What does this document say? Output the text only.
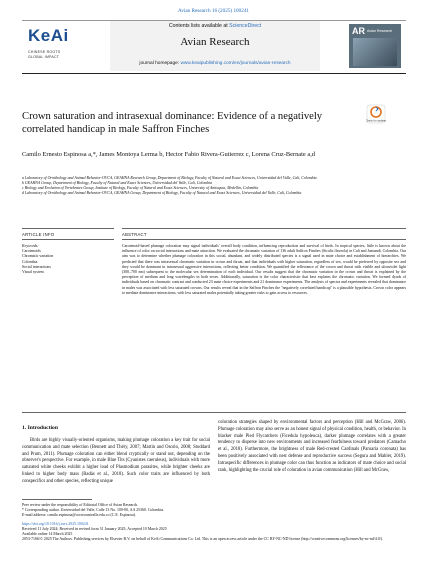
Avian Research 16 (2025) 100241
KeAi
CHINESE ROOTS
GLOBAL IMPACT
Contents lists available at ScienceDirect
Avian Research
journal homepage: www.keaipublishing.com/en/journals/avian-research
AR Avian Research
Check for updates
Crown saturation and intrasexual dominance: Evidence of a negatively correlated handicap in male Saffron Finches
Camilo Ernesto Espinosa a,*, James Montoya Lerma b, Hector Fabio Rivera-Gutierrez c, Lorena Cruz-Bernate a,d
a Laboratory of Ornithology and Animal Behavior-OVCA, GEAHNA Research Group, Department of Biology, Faculty of Natural and Exact Sciences, Universidad del Valle, Cali, Colombia
b GEAHNA Group, Department of Biology, Faculty of Natural and Exact Sciences, Universidad del Valle, Cali, Colombia
c Biology and Evolution of Vertebrates Group, Institute of Biology, Faculty of Natural and Exact Sciences, University of Antioquia, Medellín, Colombia
d Laboratory of Ornithology and Animal Behavior-OVCA, GEAHNA Group, Department of Biology, Faculty of Natural and Exact Sciences, Universidad del Valle, Cali, Colombia
ARTICLE INFO	ABSTRACT
Keywords:
Carotenoids
Chromatic variation
Colombia
Social interactions
Visual system
Carotenoid-based plumage coloration may signal individuals' overall body condition, influencing reproduction and survival of birds. In tropical species, little is known about the influence of color on social interactions and mate attraction. We evaluated the chromatic variation of 136 adult Saffron Finches (Sicalis flaveola) in Cali and Jamundí, Colombia. Our aim was to determine whether plumage coloration in this social, abundant, and widely distributed species is a signal used in mate choice and establishment of hierarchies. We predicted that there was intrasexual chromatic variation in crown and throat, and that individuals with higher saturation, regardless of sex, would be preferred by opposite sex and they would be dominant in intrasexual aggressive interactions, reflecting better condition. We quantified the reflectance of the crown and throat with visible and ultraviolet light (300–700 nm) subsequent to the molecular sex determination of each individual. Our results suggest that the chromatic variation in the crown and throat is explained by the perception of medium and long wavelengths in both sexes. Additionally, saturation is the color characteristic that best explains the chromatic variation. We formed dyads of individuals based on chromatic contrast and conducted 23 mate choice experiments and 21 dominance experiments. The analysis of spectra and experiments revealed that dominance in males was associated with less saturated crowns. Our results reveal that in the Saffron Finches the "negatively correlated handicap" is a plausible hypothesis. Crown color appears to mediate dominance interactions, with less saturated males potentially taking greater risks to gain access to resources.
1. Introduction
Birds are highly visually-oriented organisms, making plumage coloration a key trait for social communication and mate selection (Bennett and Théry, 2007; Martin and Osorio, 2008; Stoddard and Prum, 2011). Plumage coloration can either blend cryptically or stand out, depending on the observer's perspective. For example, in male Blue Tits (Cyanistes caeruleus), individuals with more saturated white cheeks exhibit a higher load of Plasmodium parasites, while brighter cheeks are linked to higher body mass (Badás et al., 2018). Such color traits are influenced by both conspecifics and other species, reflecting unique
coloration strategies shaped by environmental factors and perception (Hill and McGraw, 2006). Plumage coloration may also serve as an honest signal of physical condition, health, or behavior. In blacker male Pied Flycatchers (Ficedula hypoleuca), darker plumage correlates with a greater tendency to disperse into new environments and increased fearfulness toward predators (Camacho et al., 2018). Furthermore, the brightness of male Red-crested Cardinals (Paroaria coronata) has been positively associated with nest defense and reproductive success (Segura and Mahler, 2019). Intraspecific differences in plumage color can thus function as indicators of mate choice and social rank, highlighting the crucial role of coloration in avian communication (Hill and McGraw,
Peer review under the responsibility of Editorial Office of Avian Research.
* Corresponding author. Universidad del Valle, Calle 13 No. 100-00, AA 25360. Colombia.
E-mail address: camilo.espinosa@correounivalle.edu.co (C.E. Espinosa).
https://doi.org/10.1016/j.avrs.2025.100241
Received 11 July 2024; Received in revised form 31 January 2025; Accepted 10 March 2025
Available online 14 March 2025
2053-7166/© 2025 The Authors. Publishing services by Elsevier B.V. on behalf of KeAi Communications Co. Ltd. This is an open access article under the CC BY-NC-ND license (http://creativecommons.org/licenses/by-nc-nd/4.0/).
